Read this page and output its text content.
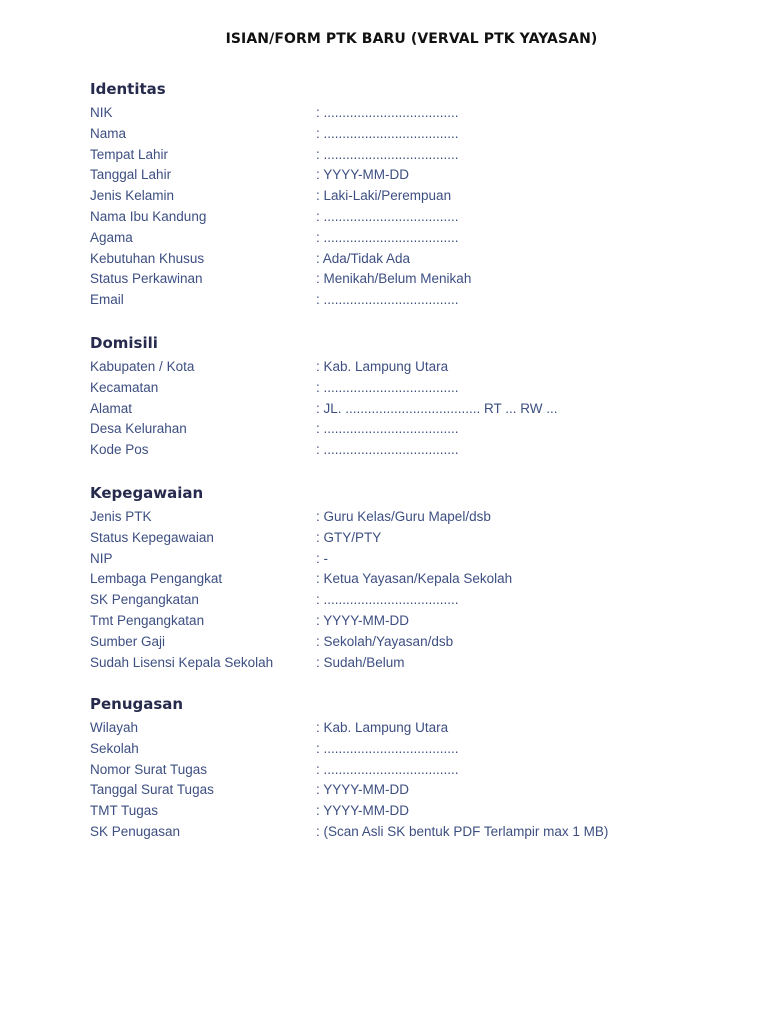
ISIAN/FORM PTK BARU (VERVAL PTK YAYASAN)
Identitas
NIK	: ....................................
Nama	: ....................................
Tempat Lahir	: ....................................
Tanggal Lahir	: YYYY-MM-DD
Jenis Kelamin	: Laki-Laki/Perempuan
Nama Ibu Kandung	: ....................................
Agama	: ....................................
Kebutuhan Khusus	: Ada/Tidak Ada
Status Perkawinan	: Menikah/Belum Menikah
Email	: ....................................
Domisili
Kabupaten / Kota	: Kab. Lampung Utara
Kecamatan	: ....................................
Alamat	: JL. .................................... RT ... RW ...
Desa Kelurahan	: ....................................
Kode Pos	: ....................................
Kepegawaian
Jenis PTK	: Guru Kelas/Guru Mapel/dsb
Status Kepegawaian	: GTY/PTY
NIP	: -
Lembaga Pengangkat	: Ketua Yayasan/Kepala Sekolah
SK Pengangkatan	: ....................................
Tmt Pengangkatan	: YYYY-MM-DD
Sumber Gaji	: Sekolah/Yayasan/dsb
Sudah Lisensi Kepala Sekolah	: Sudah/Belum
Penugasan
Wilayah	: Kab. Lampung Utara
Sekolah	: ....................................
Nomor Surat Tugas	: ....................................
Tanggal Surat Tugas	: YYYY-MM-DD
TMT Tugas	: YYYY-MM-DD
SK Penugasan	: (Scan Asli SK bentuk PDF Terlampir max 1 MB)
